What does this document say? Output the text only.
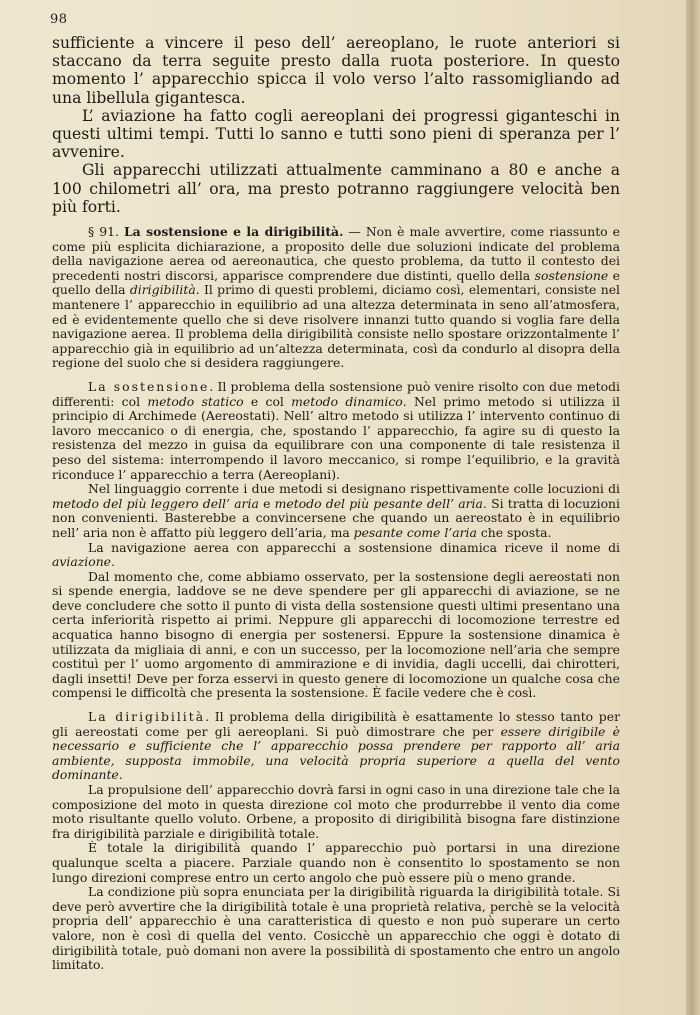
98

sufficiente a vincere il peso dell’ aereoplano, le ruote anteriori si staccano da terra seguite presto dalla ruota posteriore. In questo momento l’ apparecchio spicca il volo verso l’alto rassomigliando ad una libellula gigantesca.

L’ aviazione ha fatto cogli aereoplani dei progressi giganteschi in questi ultimi tempi. Tutti lo sanno e tutti sono pieni di speranza per l’ avvenire.

Gli apparecchi utilizzati attualmente camminano a 80 e anche a 100 chilometri all’ ora, ma presto potranno raggiungere velocità ben più forti.

§ 91. La sostensione e la dirigibilità. — Non è male avvertire, come riassunto e come più esplicita dichiarazione, a proposito delle due soluzioni indicate del problema della navigazione aerea od aereonautica, che questo problema, da tutto il contesto dei precedenti nostri discorsi, apparisce comprendere due distinti, quello della sostensione e quello della dirigibilità. Il primo di questi problemi, diciamo così, elementari, consiste nel mantenere l’ apparecchio in equilibrio ad una altezza determinata in seno all’atmosfera, ed è evidentemente quello che si deve risolvere innanzi tutto quando si voglia fare della navigazione aerea. Il problema della dirigibilità consiste nello spostare orizzontalmente l’ apparecchio già in equilibrio ad un’altezza determinata, così da condurlo al disopra della regione del suolo che si desidera raggiungere.

La sostensione. Il problema della sostensione può venire risolto con due metodi differenti: col metodo statico e col metodo dinamico. Nel primo metodo si utilizza il principio di Archimede (Aereostati). Nell’ altro metodo si utilizza l’ intervento continuo di lavoro meccanico o di energia, che, spostando l’ apparecchio, fa agire su di questo la resistenza del mezzo in guisa da equilibrare con una componente di tale resistenza il peso del sistema: interrompendo il lavoro meccanico, si rompe l’equilibrio, e la gravità riconduce l’ apparecchio a terra (Aereoplani).

Nel linguaggio corrente i due metodi si designano rispettivamente colle locuzioni di metodo del più leggero dell’ aria e metodo del più pesante dell’ aria. Si tratta di locuzioni non convenienti. Basterebbe a convincersene che quando un aereostato è in equilibrio nell’ aria non è affatto più leggero dell’aria, ma pesante come l’aria che sposta.

La navigazione aerea con apparecchi a sostensione dinamica riceve il nome di aviazione.

Dal momento che, come abbiamo osservato, per la sostensione degli aereostati non si spende energia, laddove se ne deve spendere per gli apparecchi di aviazione, se ne deve concludere che sotto il punto di vista della sostensione questi ultimi presentano una certa inferiorità rispetto ai primi. Neppure gli apparecchi di locomozione terrestre ed acquatica hanno bisogno di energia per sostenersi. Eppure la sostensione dinamica è utilizzata da migliaia di anni, e con un successo, per la locomozione nell’aria che sempre costituì per l’ uomo argomento di ammirazione e di invidia, dagli uccelli, dai chirotteri, dagli insetti! Deve per forza esservi in questo genere di locomozione un qualche cosa che compensi le difficoltà che presenta la sostensione. È facile vedere che è così.

La dirigibilità. Il problema della dirigibilità è esattamente lo stesso tanto per gli aereostati come per gli aereoplani. Si può dimostrare che per essere dirigibile è necessario e sufficiente che l’ apparecchio possa prendere per rapporto all’ aria ambiente, supposta immobile, una velocità propria superiore a quella del vento dominante.

La propulsione dell’ apparecchio dovrà farsi in ogni caso in una direzione tale che la composizione del moto in questa direzione col moto che produrrebbe il vento dia come moto risultante quello voluto. Orbene, a proposito di dirigibilità bisogna fare distinzione fra dirigibilità parziale e dirigibilità totale.

È totale la dirigibilità quando l’ apparecchio può portarsi in una direzione qualunque scelta a piacere. Parziale quando non è consentito lo spostamento se non lungo direzioni comprese entro un certo angolo che può essere più o meno grande.

La condizione più sopra enunciata per la dirigibilità riguarda la dirigibilità totale. Si deve però avvertire che la dirigibilità totale è una proprietà relativa, perchè se la velocità propria dell’ apparecchio è una caratteristica di questo e non può superare un certo valore, non è così di quella del vento. Cosicchè un apparecchio che oggi è dotato di dirigibilità totale, può domani non avere la possibilità di spostamento che entro un angolo limitato.
